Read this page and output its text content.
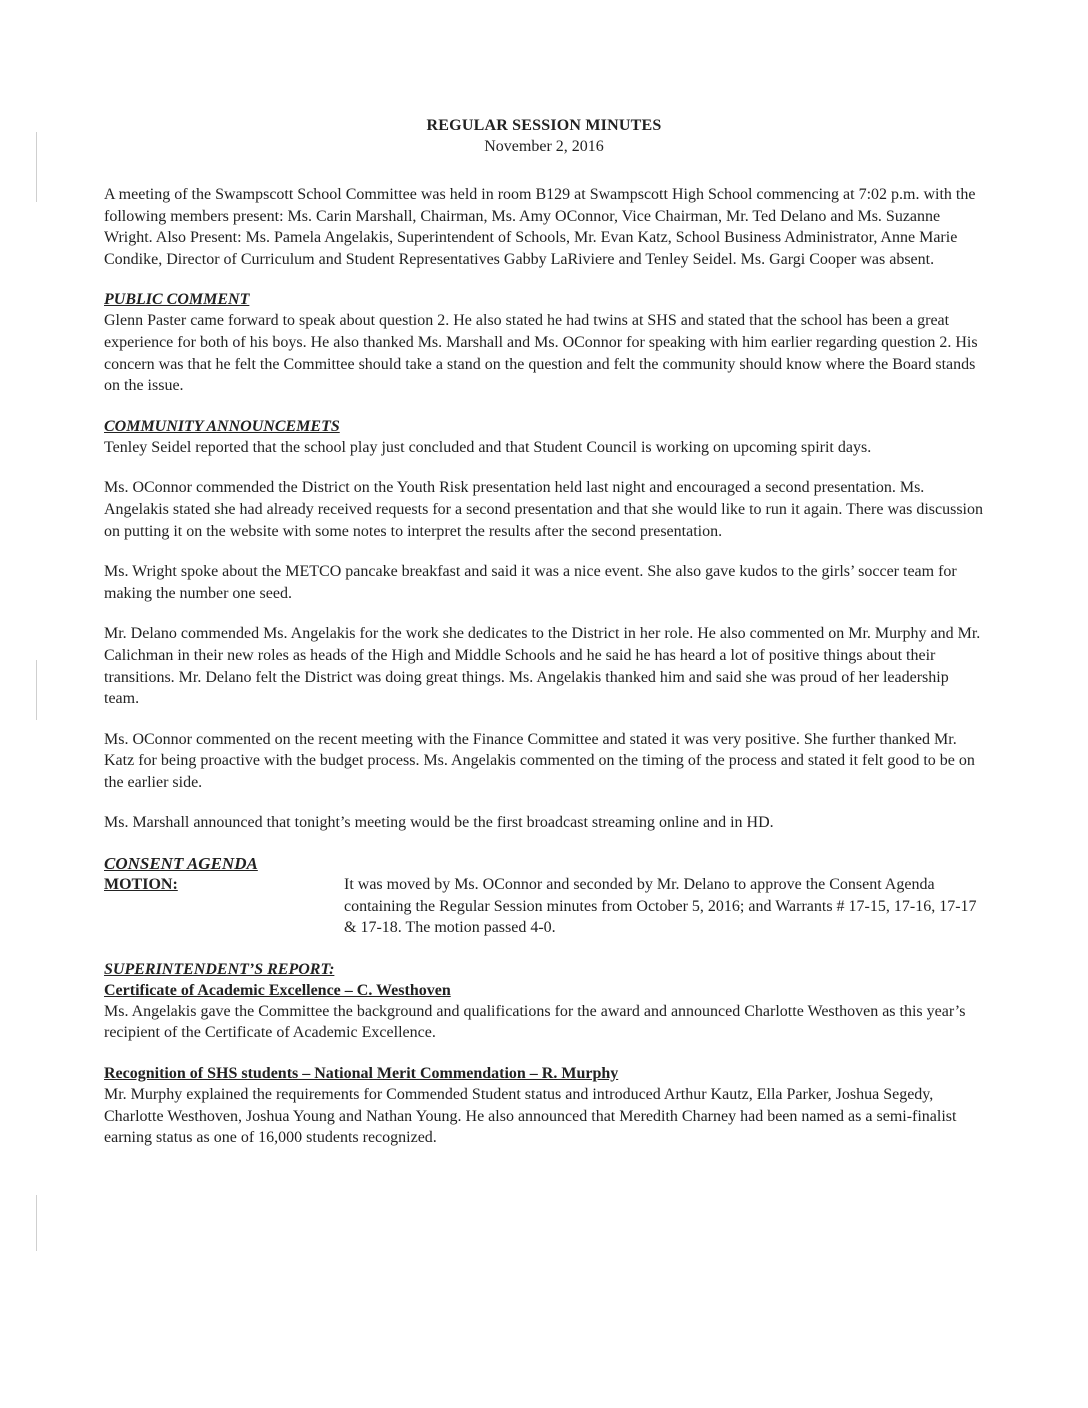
REGULAR SESSION MINUTES
November 2, 2016

A meeting of the Swampscott School Committee was held in room B129 at Swampscott High School commencing at 7:02 p.m. with the following members present: Ms. Carin Marshall, Chairman, Ms. Amy OConnor, Vice Chairman, Mr. Ted Delano and Ms. Suzanne Wright. Also Present: Ms. Pamela Angelakis, Superintendent of Schools, Mr. Evan Katz, School Business Administrator, Anne Marie Condike, Director of Curriculum and Student Representatives Gabby LaRiviere and Tenley Seidel. Ms. Gargi Cooper was absent.

PUBLIC COMMENT

Glenn Paster came forward to speak about question 2. He also stated he had twins at SHS and stated that the school has been a great experience for both of his boys. He also thanked Ms. Marshall and Ms. OConnor for speaking with him earlier regarding question 2. His concern was that he felt the Committee should take a stand on the question and felt the community should know where the Board stands on the issue.

COMMUNITY ANNOUNCEMETS

Tenley Seidel reported that the school play just concluded and that Student Council is working on upcoming spirit days.

Ms. OConnor commended the District on the Youth Risk presentation held last night and encouraged a second presentation. Ms. Angelakis stated she had already received requests for a second presentation and that she would like to run it again. There was discussion on putting it on the website with some notes to interpret the results after the second presentation.

Ms. Wright spoke about the METCO pancake breakfast and said it was a nice event. She also gave kudos to the girls’ soccer team for making the number one seed.

Mr. Delano commended Ms. Angelakis for the work she dedicates to the District in her role. He also commented on Mr. Murphy and Mr. Calichman in their new roles as heads of the High and Middle Schools and he said he has heard a lot of positive things about their transitions. Mr. Delano felt the District was doing great things. Ms. Angelakis thanked him and said she was proud of her leadership team.

Ms. OConnor commented on the recent meeting with the Finance Committee and stated it was very positive. She further thanked Mr. Katz for being proactive with the budget process. Ms. Angelakis commented on the timing of the process and stated it felt good to be on the earlier side.

Ms. Marshall announced that tonight’s meeting would be the first broadcast streaming online and in HD.

CONSENT AGENDA
MOTION:	It was moved by Ms. OConnor and seconded by Mr. Delano to approve the Consent Agenda containing the Regular Session minutes from October 5, 2016; and Warrants # 17-15, 17-16, 17-17 & 17-18. The motion passed 4-0.
SUPERINTENDENT’S REPORT:
Certificate of Academic Excellence – C. Westhoven

Ms. Angelakis gave the Committee the background and qualifications for the award and announced Charlotte Westhoven as this year’s recipient of the Certificate of Academic Excellence.

Recognition of SHS students – National Merit Commendation – R. Murphy

Mr. Murphy explained the requirements for Commended Student status and introduced Arthur Kautz, Ella Parker, Joshua Segedy, Charlotte Westhoven, Joshua Young and Nathan Young. He also announced that Meredith Charney had been named as a semi-finalist earning status as one of 16,000 students recognized.
